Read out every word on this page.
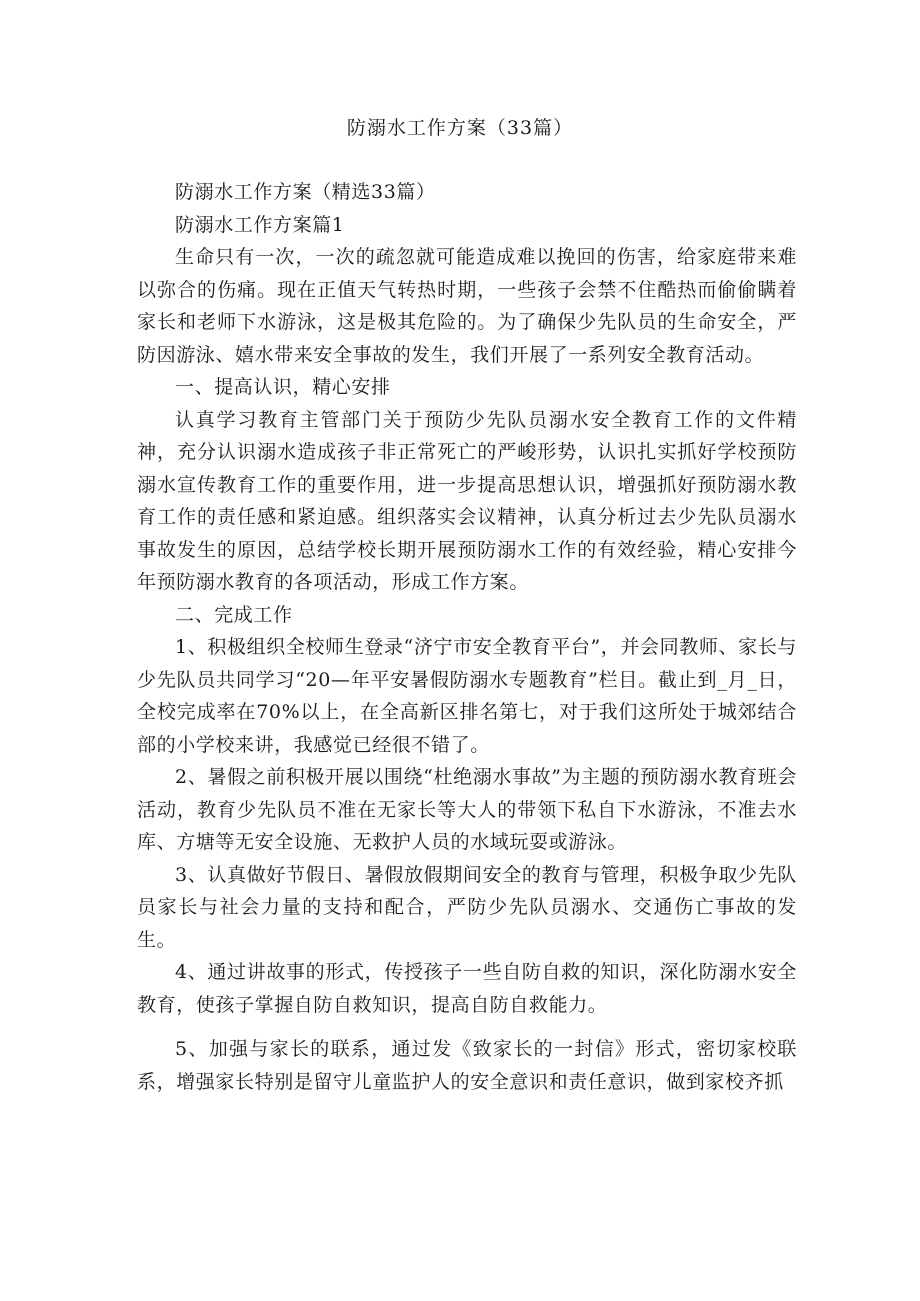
防溺水工作方案（33篇）

防溺水工作方案（精选33篇）

防溺水工作方案篇1

生命只有一次，一次的疏忽就可能造成难以挽回的伤害，给家庭带来难以弥合的伤痛。现在正值天气转热时期，一些孩子会禁不住酷热而偷偷瞒着家长和老师下水游泳，这是极其危险的。为了确保少先队员的生命安全，严防因游泳、嬉水带来安全事故的发生，我们开展了一系列安全教育活动。

一、提高认识，精心安排

认真学习教育主管部门关于预防少先队员溺水安全教育工作的文件精神，充分认识溺水造成孩子非正常死亡的严峻形势，认识扎实抓好学校预防溺水宣传教育工作的重要作用，进一步提高思想认识，增强抓好预防溺水教育工作的责任感和紧迫感。组织落实会议精神，认真分析过去少先队员溺水事故发生的原因，总结学校长期开展预防溺水工作的有效经验，精心安排今年预防溺水教育的各项活动，形成工作方案。

二、完成工作

1、积极组织全校师生登录“济宁市安全教育平台”，并会同教师、家长与少先队员共同学习“20—年平安暑假防溺水专题教育”栏目。截止到_月_日，全校完成率在70%以上，在全高新区排名第七，对于我们这所处于城郊结合部的小学校来讲，我感觉已经很不错了。

2、暑假之前积极开展以围绕“杜绝溺水事故”为主题的预防溺水教育班会活动，教育少先队员不准在无家长等大人的带领下私自下水游泳，不准去水库、方塘等无安全设施、无救护人员的水域玩耍或游泳。

3、认真做好节假日、暑假放假期间安全的教育与管理，积极争取少先队员家长与社会力量的支持和配合，严防少先队员溺水、交通伤亡事故的发生。

4、通过讲故事的形式，传授孩子一些自防自救的知识，深化防溺水安全教育，使孩子掌握自防自救知识，提高自防自救能力。

5、加强与家长的联系，通过发《致家长的一封信》形式，密切家校联系，增强家长特别是留守儿童监护人的安全意识和责任意识，做到家校齐抓
